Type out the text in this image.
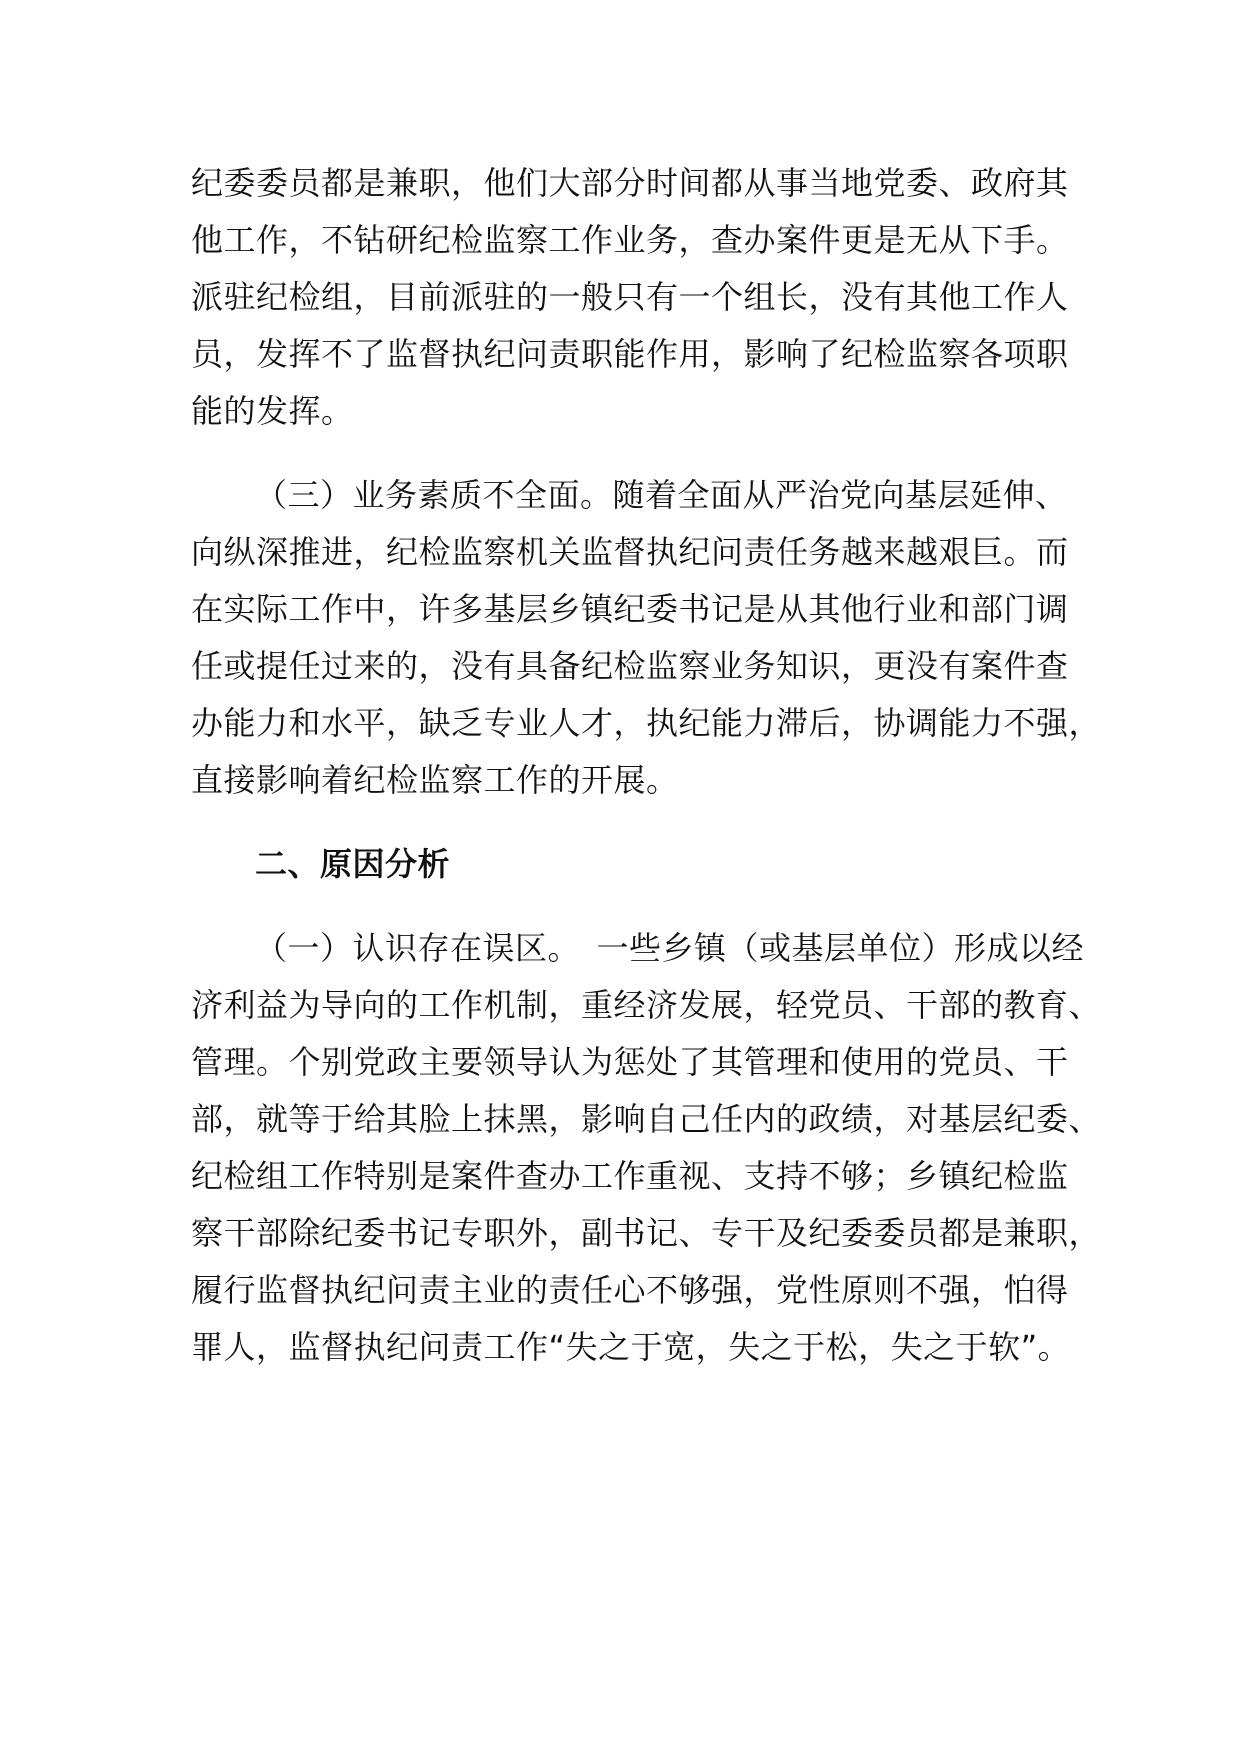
纪委委员都是兼职，他们大部分时间都从事当地党委、政府其
他工作，不钻研纪检监察工作业务，查办案件更是无从下手。
派驻纪检组，目前派驻的一般只有一个组长，没有其他工作人
员，发挥不了监督执纪问责职能作用，影响了纪检监察各项职
能的发挥。
（三）业务素质不全面。随着全面从严治党向基层延伸、
向纵深推进，纪检监察机关监督执纪问责任务越来越艰巨。而
在实际工作中，许多基层乡镇纪委书记是从其他行业和部门调
任或提任过来的，没有具备纪检监察业务知识，更没有案件查
办能力和水平，缺乏专业人才，执纪能力滞后，协调能力不强，
直接影响着纪检监察工作的开展。
二、原因分析
（一）认识存在误区。　一些乡镇（或基层单位）形成以经
济利益为导向的工作机制，重经济发展，轻党员、干部的教育、
管理。个别党政主要领导认为惩处了其管理和使用的党员、干
部，就等于给其脸上抹黑，影响自己任内的政绩，对基层纪委、
纪检组工作特别是案件查办工作重视、支持不够；乡镇纪检监
察干部除纪委书记专职外，副书记、专干及纪委委员都是兼职，
履行监督执纪问责主业的责任心不够强，党性原则不强，怕得
罪人，监督执纪问责工作“失之于宽，失之于松，失之于软”。
